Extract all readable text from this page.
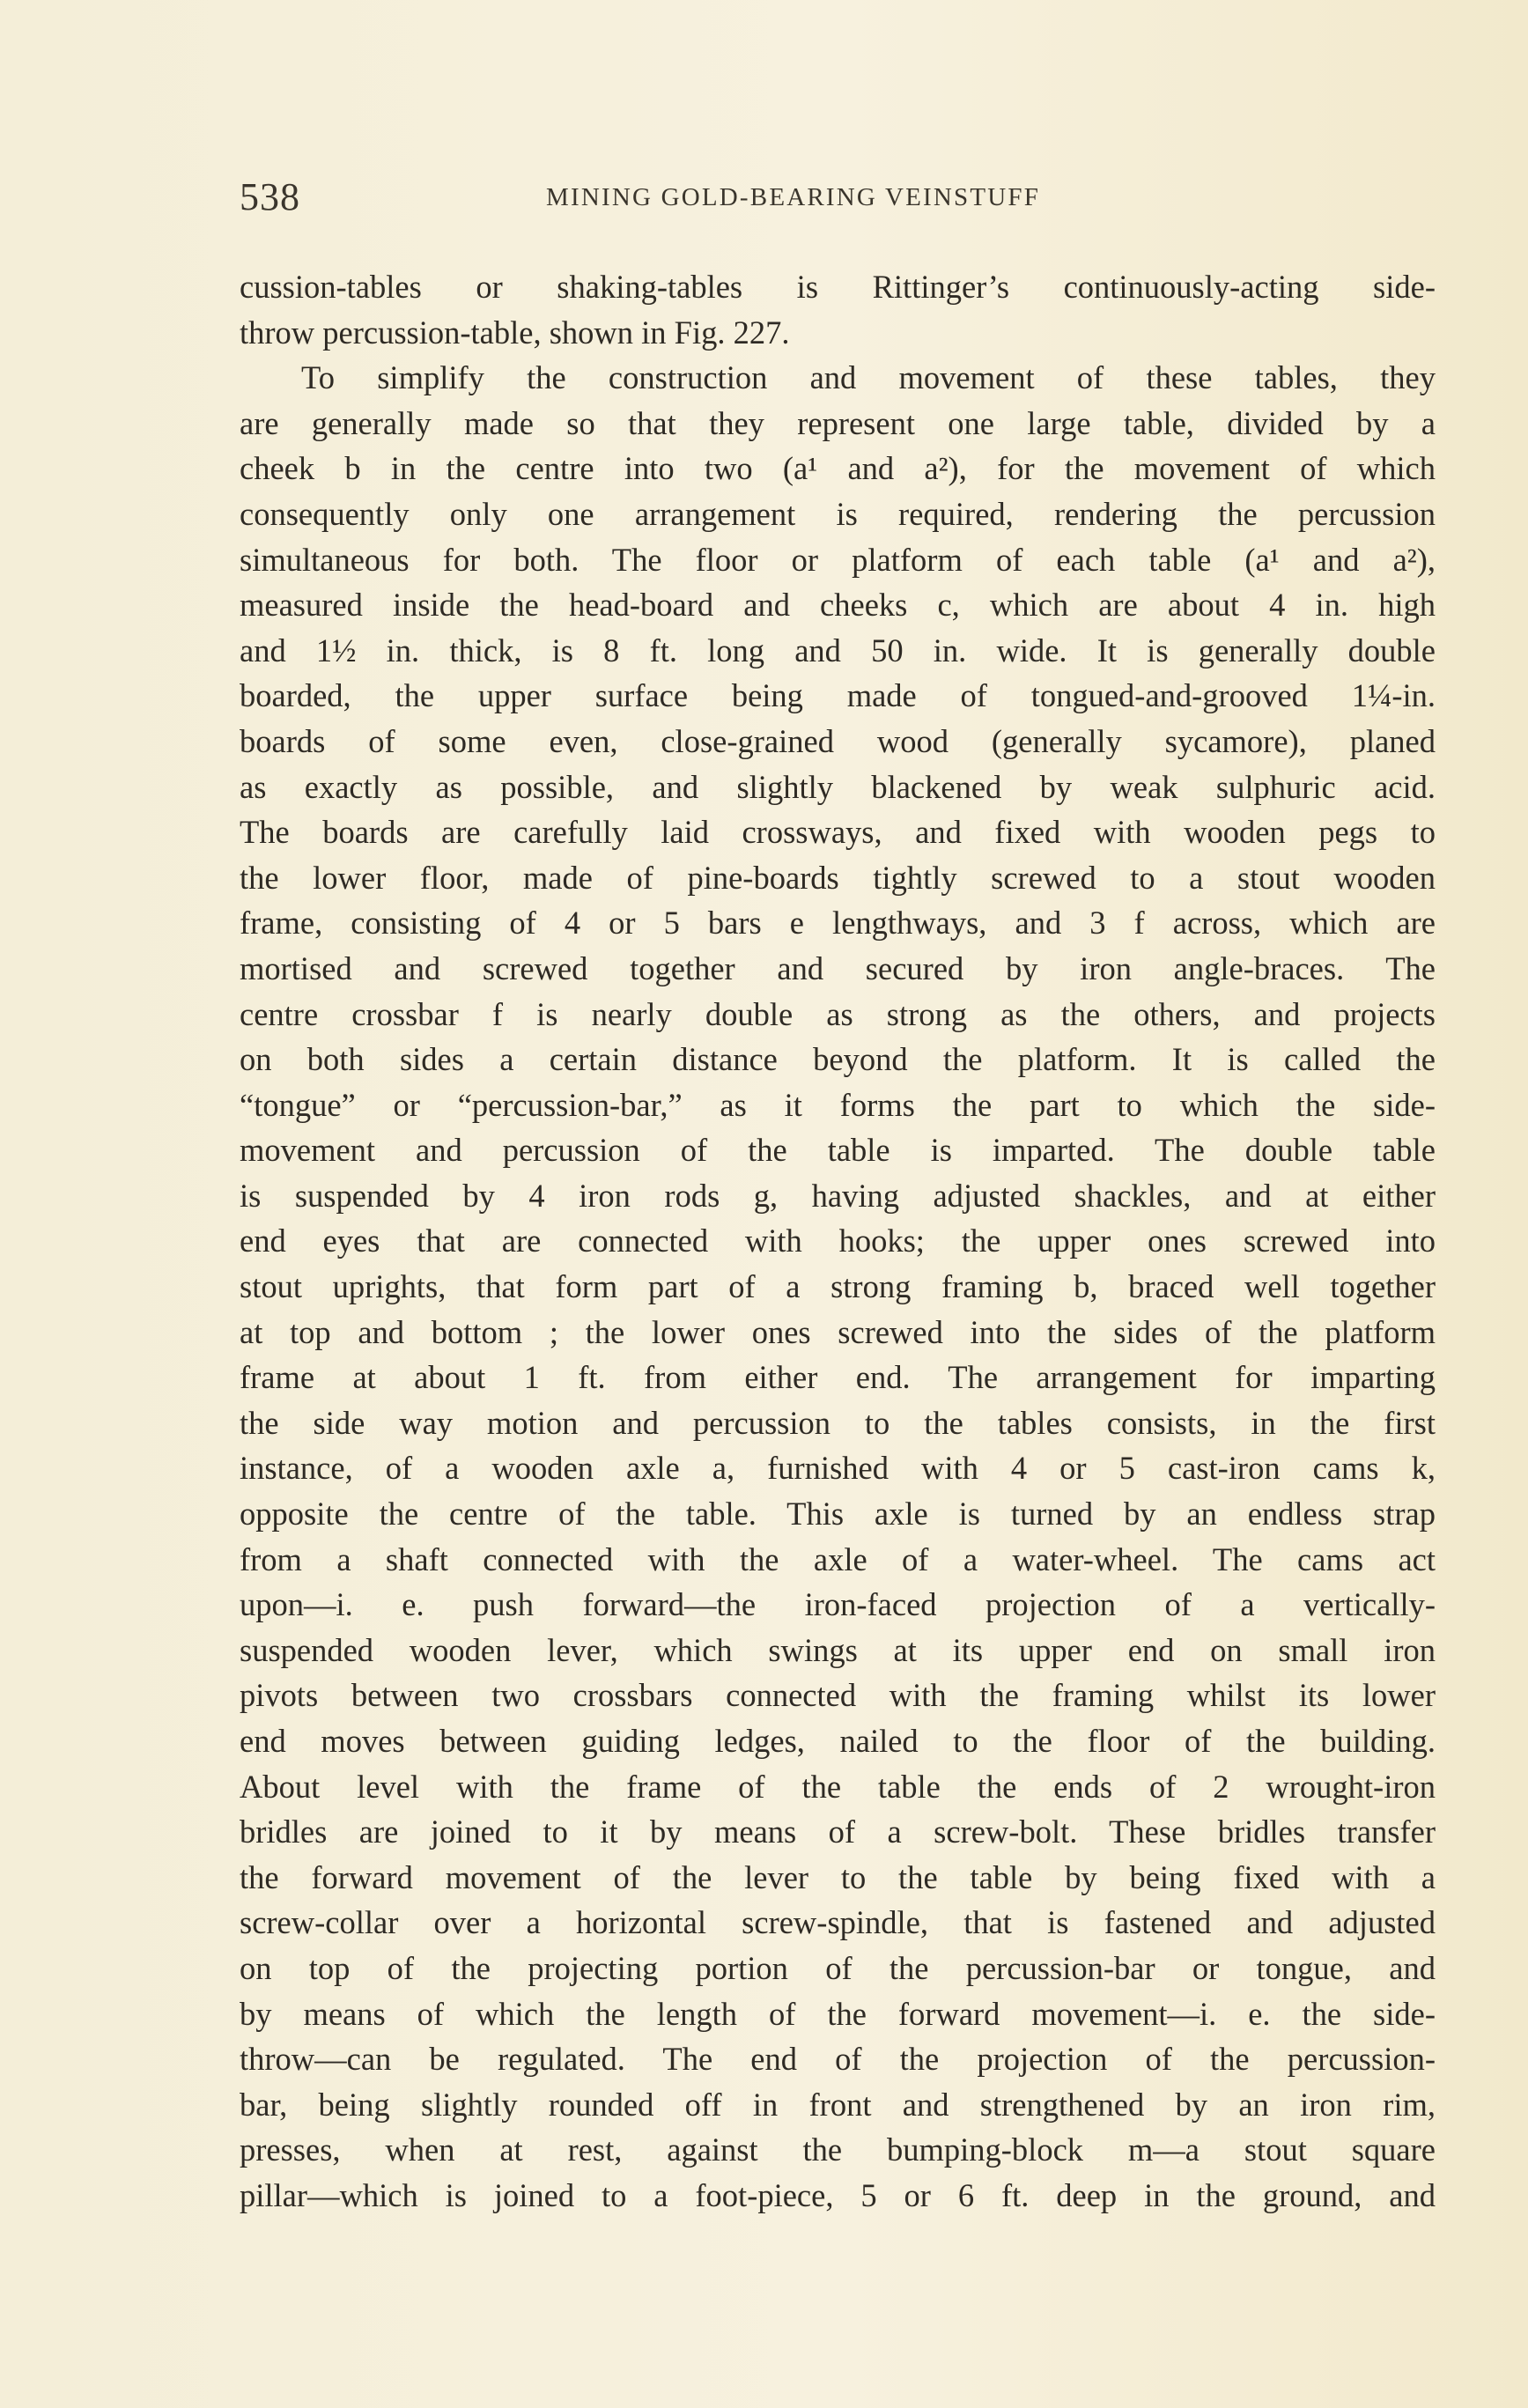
538	MINING GOLD-BEARING VEINSTUFF
cussion-tables or shaking-tables is Rittinger’s continuously-acting side-
throw percussion-table, shown in Fig. 227.
To simplify the construction and movement of these tables, they
are generally made so that they represent one large table, divided by a
cheek b in the centre into two (a¹ and a²), for the movement of which
consequently only one arrangement is required, rendering the percussion
simultaneous for both. The floor or platform of each table (a¹ and a²),
measured inside the head-board and cheeks c, which are about 4 in. high
and 1½ in. thick, is 8 ft. long and 50 in. wide. It is generally double
boarded, the upper surface being made of tongued-and-grooved 1¼-in.
boards of some even, close-grained wood (generally sycamore), planed
as exactly as possible, and slightly blackened by weak sulphuric acid.
The boards are carefully laid crossways, and fixed with wooden pegs to
the lower floor, made of pine-boards tightly screwed to a stout wooden
frame, consisting of 4 or 5 bars e lengthways, and 3 f across, which are
mortised and screwed together and secured by iron angle-braces. The
centre crossbar f is nearly double as strong as the others, and projects
on both sides a certain distance beyond the platform. It is called the
“tongue” or “percussion-bar,” as it forms the part to which the side-
movement and percussion of the table is imparted. The double table
is suspended by 4 iron rods g, having adjusted shackles, and at either
end eyes that are connected with hooks; the upper ones screwed into
stout uprights, that form part of a strong framing b, braced well together
at top and bottom ; the lower ones screwed into the sides of the platform
frame at about 1 ft. from either end. The arrangement for imparting
the side way motion and percussion to the tables consists, in the first
instance, of a wooden axle a, furnished with 4 or 5 cast-iron cams k,
opposite the centre of the table. This axle is turned by an endless strap
from a shaft connected with the axle of a water-wheel. The cams act
upon—i. e. push forward—the iron-faced projection of a vertically-
suspended wooden lever, which swings at its upper end on small iron
pivots between two crossbars connected with the framing whilst its lower
end moves between guiding ledges, nailed to the floor of the building.
About level with the frame of the table the ends of 2 wrought-iron
bridles are joined to it by means of a screw-bolt. These bridles transfer
the forward movement of the lever to the table by being fixed with a
screw-collar over a horizontal screw-spindle, that is fastened and adjusted
on top of the projecting portion of the percussion-bar or tongue, and
by means of which the length of the forward movement—i. e. the side-
throw—can be regulated. The end of the projection of the percussion-
bar, being slightly rounded off in front and strengthened by an iron rim,
presses, when at rest, against the bumping-block m—a stout square
pillar—which is joined to a foot-piece, 5 or 6 ft. deep in the ground, and
